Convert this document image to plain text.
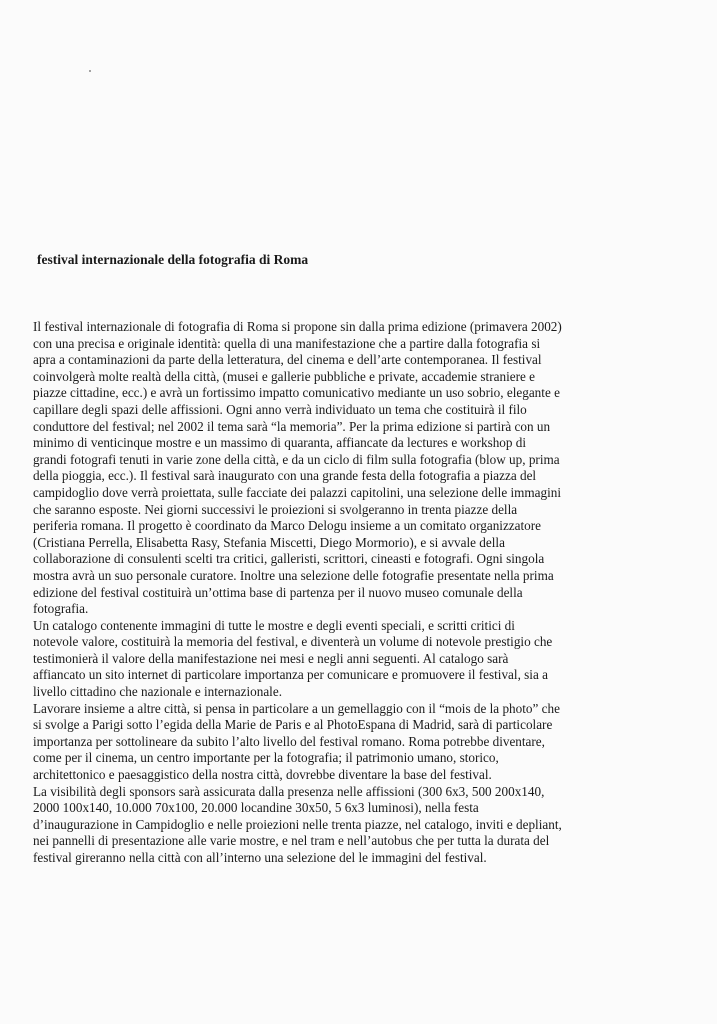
festival internazionale della fotografia di Roma
Il festival internazionale di fotografia di Roma si propone sin dalla prima edizione (primavera 2002)
con una precisa e originale identità: quella di una manifestazione che a partire dalla fotografia si
apra a contaminazioni da parte della letteratura, del cinema e dell’arte contemporanea. Il festival
coinvolgerà molte realtà della città, (musei e gallerie pubbliche e private, accademie straniere e
piazze cittadine, ecc.) e avrà un fortissimo impatto comunicativo mediante un uso sobrio, elegante e
capillare degli spazi delle affissioni. Ogni anno verrà individuato un tema che costituirà il filo
conduttore del festival; nel 2002 il tema sarà “la memoria”. Per la prima edizione si partirà con un
minimo di venticinque mostre e un massimo di quaranta, affiancate da lectures e workshop di
grandi fotografi tenuti in varie zone della città, e da un ciclo di film sulla fotografia (blow up, prima
della pioggia, ecc.). Il festival sarà inaugurato con una grande festa della fotografia a piazza del
campidoglio dove verrà proiettata, sulle facciate dei palazzi capitolini, una selezione delle immagini
che saranno esposte. Nei giorni successivi le proiezioni si svolgeranno in trenta piazze della
periferia romana. Il progetto è coordinato da Marco Delogu insieme a un comitato organizzatore
(Cristiana Perrella, Elisabetta Rasy, Stefania Miscetti, Diego Mormorio), e si avvale della
collaborazione di consulenti scelti tra critici, galleristi, scrittori, cineasti e fotografi. Ogni singola
mostra avrà un suo personale curatore. Inoltre una selezione delle fotografie presentate nella prima
edizione del festival costituirà un’ottima base di partenza per il nuovo museo comunale della
fotografia.
Un catalogo contenente immagini di tutte le mostre e degli eventi speciali, e scritti critici di
notevole valore, costituirà la memoria del festival, e diventerà un volume di notevole prestigio che
testimonierà il valore della manifestazione nei mesi e negli anni seguenti. Al catalogo sarà
affiancato un sito internet di particolare importanza per comunicare e promuovere il festival, sia a
livello cittadino che nazionale e internazionale.
Lavorare insieme a altre città, si pensa in particolare a un gemellaggio con il “mois de la photo” che
si svolge a Parigi sotto l’egida della Marie de Paris e al PhotoEspana di Madrid, sarà di particolare
importanza per sottolineare da subito l’alto livello del festival romano. Roma potrebbe diventare,
come per il cinema, un centro importante per la fotografia; il patrimonio umano, storico,
architettonico e paesaggistico della nostra città, dovrebbe diventare la base del festival.
La visibilità degli sponsors sarà assicurata dalla presenza nelle affissioni (300 6x3, 500 200x140,
2000 100x140, 10.000 70x100, 20.000 locandine 30x50, 5 6x3 luminosi), nella festa
d’inaugurazione in Campidoglio e nelle proiezioni nelle trenta piazze, nel catalogo, inviti e depliant,
nei pannelli di presentazione alle varie mostre, e nel tram e nell’autobus che per tutta la durata del
festival gireranno nella città con all’interno una selezione del le immagini del festival.
